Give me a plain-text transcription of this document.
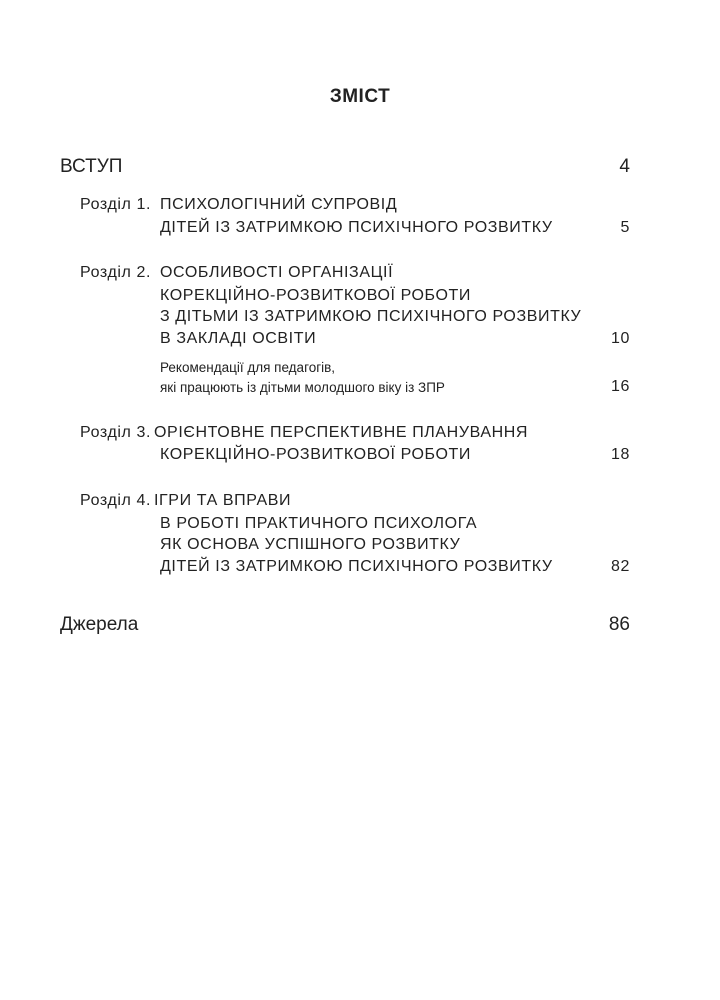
ЗМІСТ
ВСТУП	4
Розділ 1. ПСИХОЛОГІЧНИЙ СУПРОВІД
ДІТЕЙ ІЗ ЗАТРИМКОЮ ПСИХІЧНОГО РОЗВИТКУ	5
Розділ 2. ОСОБЛИВОСТІ ОРГАНІЗАЦІЇ
КОРЕКЦІЙНО-РОЗВИТКОВОЇ РОБОТИ
З ДІТЬМИ ІЗ ЗАТРИМКОЮ ПСИХІЧНОГО РОЗВИТКУ
В ЗАКЛАДІ ОСВІТИ	10
Рекомендації для педагогів,
які працюють із дітьми молодшого віку із ЗПР	16
Розділ 3. ОРІЄНТОВНЕ ПЕРСПЕКТИВНЕ ПЛАНУВАННЯ
КОРЕКЦІЙНО-РОЗВИТКОВОЇ РОБОТИ	18
Розділ 4. ІГРИ ТА ВПРАВИ
В РОБОТІ ПРАКТИЧНОГО ПСИХОЛОГА
ЯК ОСНОВА УСПІШНОГО РОЗВИТКУ
ДІТЕЙ ІЗ ЗАТРИМКОЮ ПСИХІЧНОГО РОЗВИТКУ	82
Джерела	86
